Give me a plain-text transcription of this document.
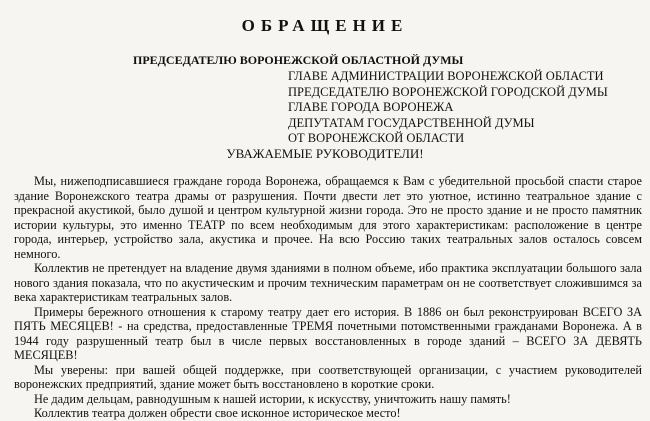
ОБРАЩЕНИЕ

ПРЕДСЕДАТЕЛЮ ВОРОНЕЖСКОЙ ОБЛАСТНОЙ ДУМЫ

ГЛАВЕ АДМИНИСТРАЦИИ ВОРОНЕЖСКОЙ ОБЛАСТИ
ПРЕДСЕДАТЕЛЮ ВОРОНЕЖСКОЙ ГОРОДСКОЙ ДУМЫ
ГЛАВЕ ГОРОДА ВОРОНЕЖА
ДЕПУТАТАМ ГОСУДАРСТВЕННОЙ ДУМЫ
ОТ ВОРОНЕЖСКОЙ ОБЛАСТИ

УВАЖАЕМЫЕ РУКОВОДИТЕЛИ!

Мы, нижеподписавшиеся граждане города Воронежа, обращаемся к Вам с убедительной просьбой спасти старое здание Воронежского театра драмы от разрушения. Почти двести лет это уютное, истинно театральное здание с прекрасной акустикой, было душой и центром культурной жизни города. Это не просто здание и не просто памятник истории культуры, это именно ТЕАТР по всем необходимым для этого характеристикам: расположение в центре города, интерьер, устройство зала, акустика и прочее. На всю Россию таких театральных залов осталось совсем немного.

Коллектив не претендует на владение двумя зданиями в полном объеме, ибо практика эксплуатации большого зала нового здания показала, что по акустическим и прочим техническим параметрам он не соответствует сложившимся за века характеристикам театральных залов.

Примеры бережного отношения к старому театру дает его история. В 1886 он был реконструирован ВСЕГО ЗА ПЯТЬ МЕСЯЦЕВ! - на средства, предоставленные ТРЕМЯ почетными потомственными гражданами Воронежа. А в 1944 году разрушенный театр был в числе первых восстановленных в городе зданий – ВСЕГО ЗА ДЕВЯТЬ МЕСЯЦЕВ!

Мы уверены: при вашей общей поддержке, при соответствующей организации, с участием руководителей воронежских предприятий, здание может быть восстановлено в короткие сроки.

Не дадим дельцам, равнодушным к нашей истории, к искусству, уничтожить нашу память!

Коллектив театра должен обрести свое исконное историческое место!
